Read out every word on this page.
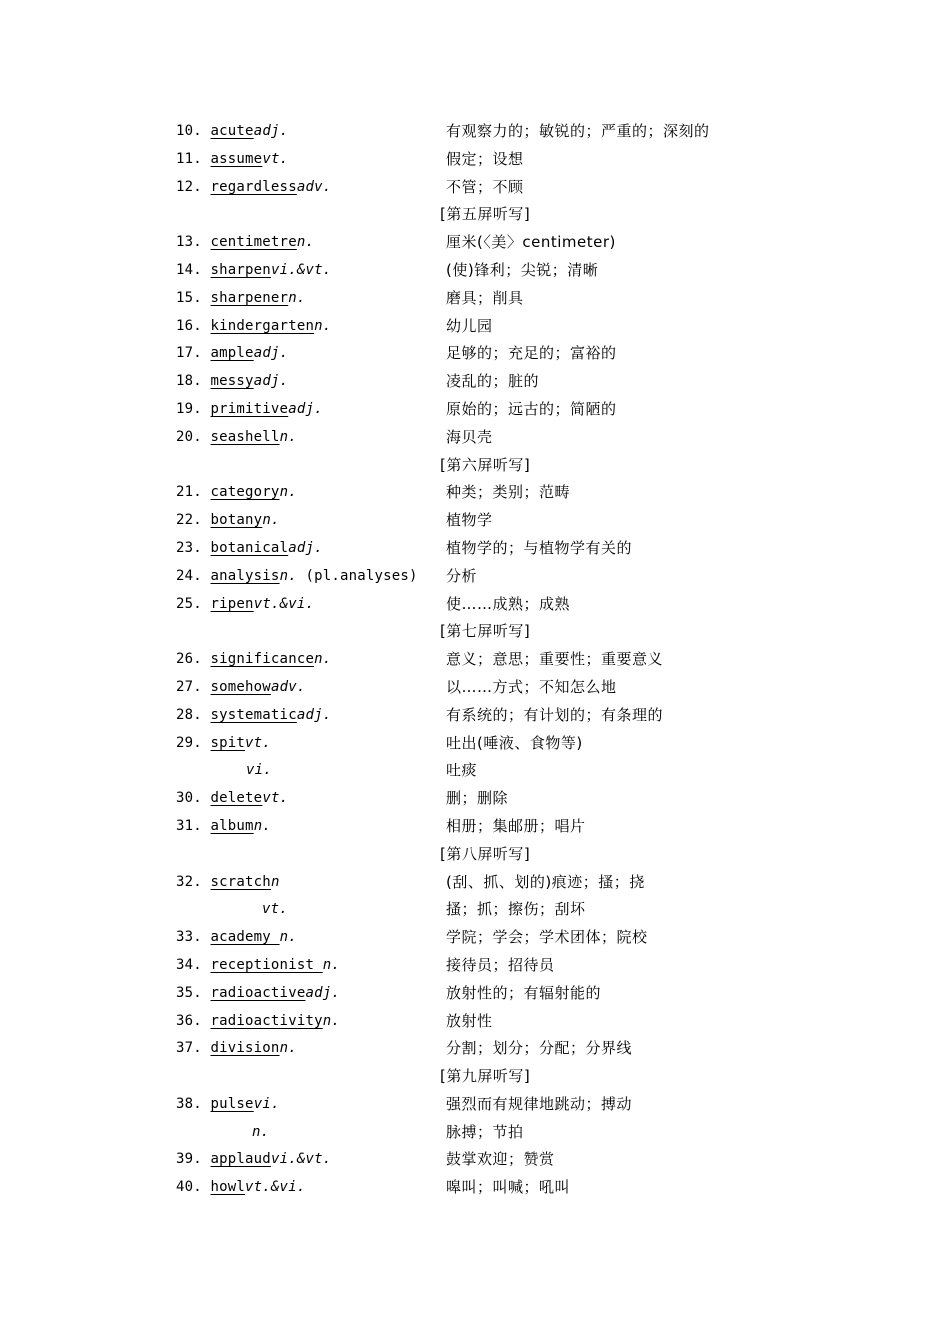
10. acuteadj.	有观察力的；敏锐的；严重的；深刻的
11. assumevt.	假定；设想
12. regardlessadv.	不管；不顾
[第五屏听写]
13. centimetren.	厘米(〈美〉centimeter)
14. sharpenvi.&vt.	(使)锋利；尖锐；清晰
15. sharpenern.	磨具；削具
16. kindergartenn.	幼儿园
17. ampleadj.	足够的；充足的；富裕的
18. messyadj.	凌乱的；脏的
19. primitiveadj.	原始的；远古的；简陋的
20. seashelln.	海贝壳
[第六屏听写]
21. categoryn.	种类；类别；范畴
22. botanyn.	植物学
23. botanicaladj.	植物学的；与植物学有关的
24. analysisn. (pl.analyses) 分析
25. ripenvt.&vi.	使……成熟；成熟
[第七屏听写]
26. significancen.	意义；意思；重要性；重要意义
27. somehowadv.	以……方式；不知怎么地
28. systematicadj.	有系统的；有计划的；有条理的
29. spitvt.	吐出(唾液、食物等)
vi.	吐痰
30. deletevt.	删；删除
31. albumn.	相册；集邮册；唱片
[第八屏听写]
32. scratchn	(刮、抓、划的)痕迹；搔；挠
vt.	搔；抓；擦伤；刮坏
33. academy n.	学院；学会；学术团体；院校
34. receptionist n.	接待员；招待员
35. radioactiveadj.	放射性的；有辐射能的
36. radioactivityn.	放射性
37. divisionn.	分割；划分；分配；分界线
[第九屏听写]
38. pulsevi.	强烈而有规律地跳动；搏动
n.	脉搏；节拍
39. applaudvi.&vt.	鼓掌欢迎；赞赏
40. howlvt.&vi.	嗥叫；叫喊；吼叫
